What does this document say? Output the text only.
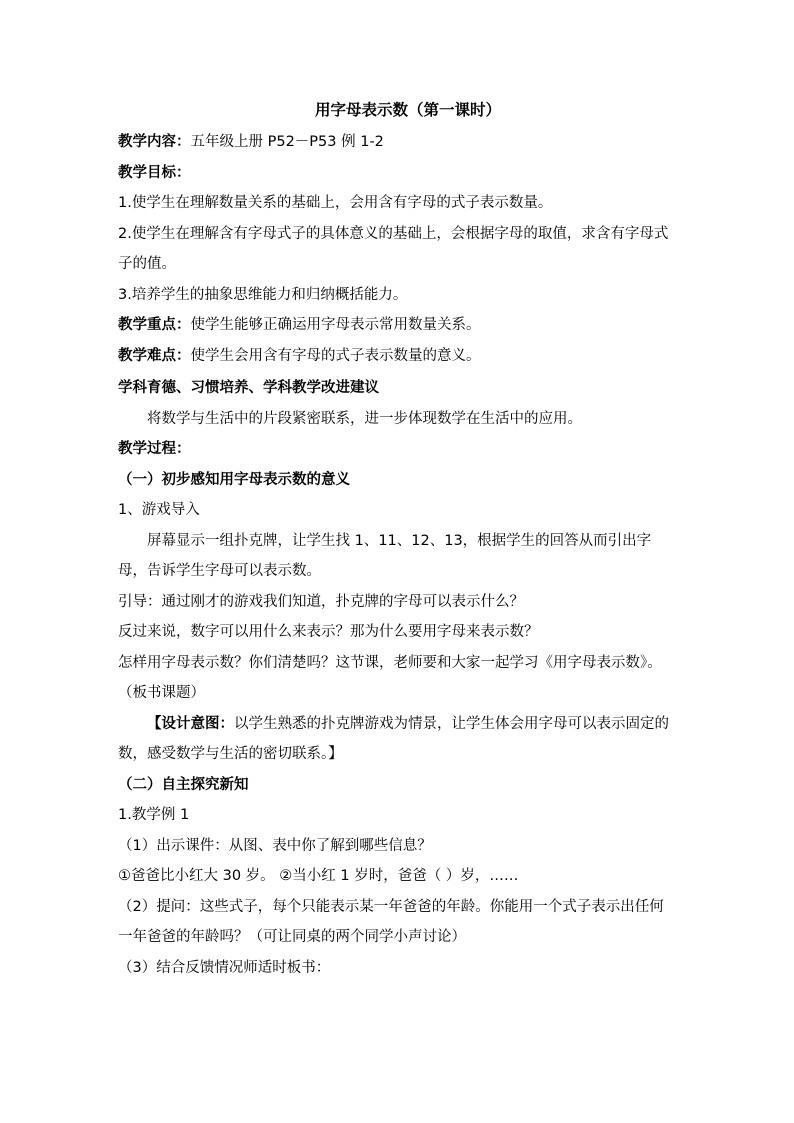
用字母表示数（第一课时）
教学内容：五年级上册 P52－P53 例 1-2
教学目标：
1.使学生在理解数量关系的基础上，会用含有字母的式子表示数量。
2.使学生在理解含有字母式子的具体意义的基础上，会根据字母的取值，求含有字母式子的值。
3.培养学生的抽象思维能力和归纳概括能力。
教学重点：使学生能够正确运用字母表示常用数量关系。
教学难点：使学生会用含有字母的式子表示数量的意义。
学科育德、习惯培养、学科教学改进建议
将数学与生活中的片段紧密联系，进一步体现数学在生活中的应用。
教学过程：
（一）初步感知用字母表示数的意义
1、游戏导入
屏幕显示一组扑克牌，让学生找 1、11、12、13，根据学生的回答从而引出字母，告诉学生字母可以表示数。
引导：通过刚才的游戏我们知道，扑克牌的字母可以表示什么？
反过来说，数字可以用什么来表示？那为什么要用字母来表示数？
怎样用字母表示数？你们清楚吗？这节课，老师要和大家一起学习《用字母表示数》。
（板书课题）
【设计意图：以学生熟悉的扑克牌游戏为情景，让学生体会用字母可以表示固定的数，感受数学与生活的密切联系。】
（二）自主探究新知
1.教学例 1
（1）出示课件：从图、表中你了解到哪些信息？
①爸爸比小红大 30 岁。 ②当小红 1 岁时，爸爸（ ）岁，……
（2）提问：这些式子，每个只能表示某一年爸爸的年龄。你能用一个式子表示出任何一年爸爸的年龄吗？（可让同桌的两个同学小声讨论）
（3）结合反馈情况师适时板书：
